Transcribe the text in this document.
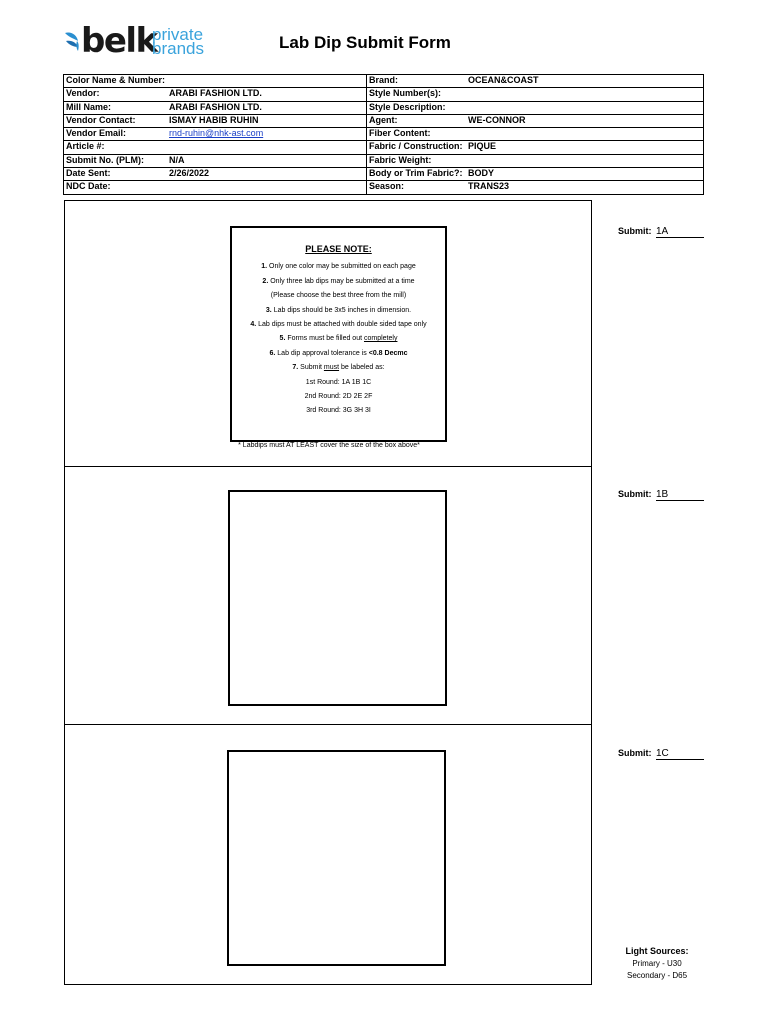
belk
private
brands	Lab Dip Submit Form
Color Name & Number:		Brand:	OCEAN&COAST
Vendor:	ARABI FASHION LTD.	Style Number(s):	
Mill Name:	ARABI FASHION LTD.	Style Description:	
Vendor Contact:	ISMAY HABIB RUHIN	Agent:	WE-CONNOR
Vendor Email:	rnd-ruhin@nhk-ast.com	Fiber Content:	
Article #:		Fabric / Construction:	PIQUE
Submit No. (PLM):	N/A	Fabric Weight:	
Date Sent:	2/26/2022	Body or Trim Fabric?:	BODY
NDC Date:		Season:	TRANS23
PLEASE NOTE:
1. Only one color may be submitted on each page
2. Only three lab dips may be submitted at a time
(Please choose the best three from the mill)
3. Lab dips should be 3x5 inches in dimension.
4. Lab dips must be attached with double sided tape only
5. Forms must be filled out completely
6. Lab dip approval tolerance is <0.8 Decmc
7. Submit must be labeled as:
1st Round: 1A 1B 1C
2nd Round: 2D 2E 2F
3rd Round: 3G 3H 3I
* Labdips must AT LEAST cover the size of the box above*
Submit: 1A
Submit: 1B
Submit: 1C
Light Sources:
Primary - U30
Secondary - D65
